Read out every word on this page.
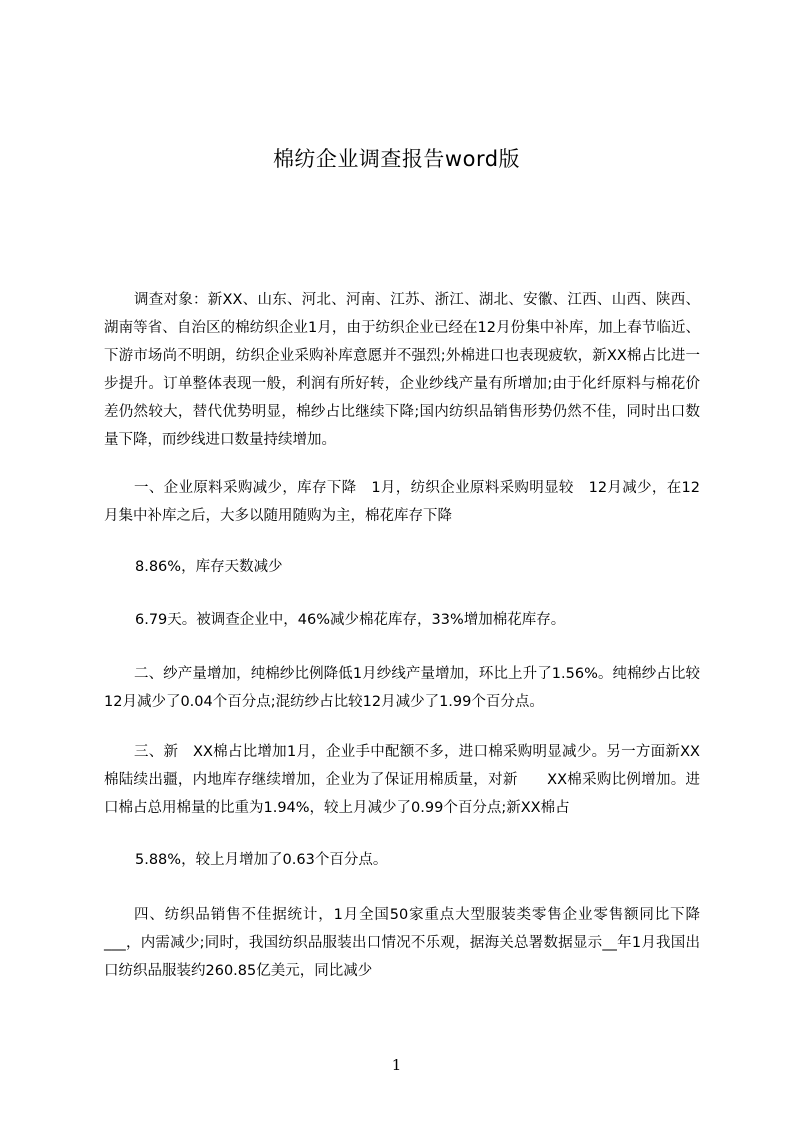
棉纺企业调查报告word版

调查对象：新XX、山东、河北、河南、江苏、浙江、湖北、安徽、江西、山西、陕西、湖南等省、自治区的棉纺织企业1月，由于纺织企业已经在12月份集中补库，加上春节临近、下游市场尚不明朗，纺织企业采购补库意愿并不强烈;外棉进口也表现疲软，新XX棉占比进一步提升。订单整体表现一般，利润有所好转，企业纱线产量有所增加;由于化纤原料与棉花价差仍然较大，替代优势明显，棉纱占比继续下降;国内纺织品销售形势仍然不佳，同时出口数量下降，而纱线进口数量持续增加。

一、企业原料采购减少，库存下降　1月，纺织企业原料采购明显较　12月减少，在12月集中补库之后，大多以随用随购为主，棉花库存下降

8.86%，库存天数减少

6.79天。被调查企业中，46%减少棉花库存，33%增加棉花库存。

二、纱产量增加，纯棉纱比例降低1月纱线产量增加，环比上升了1.56%。纯棉纱占比较12月减少了0.04个百分点;混纺纱占比较12月减少了1.99个百分点。

三、新　XX棉占比增加1月，企业手中配额不多，进口棉采购明显减少。另一方面新XX棉陆续出疆，内地库存继续增加，企业为了保证用棉质量，对新　　XX棉采购比例增加。进口棉占总用棉量的比重为1.94%，较上月减少了0.99个百分点;新XX棉占

5.88%，较上月增加了0.63个百分点。

四、纺织品销售不佳据统计，1月全国50家重点大型服装类零售企业零售额同比下降___，内需减少;同时，我国纺织品服装出口情况不乐观，据海关总署数据显示__年1月我国出口纺织品服装约260.85亿美元，同比减少

1
